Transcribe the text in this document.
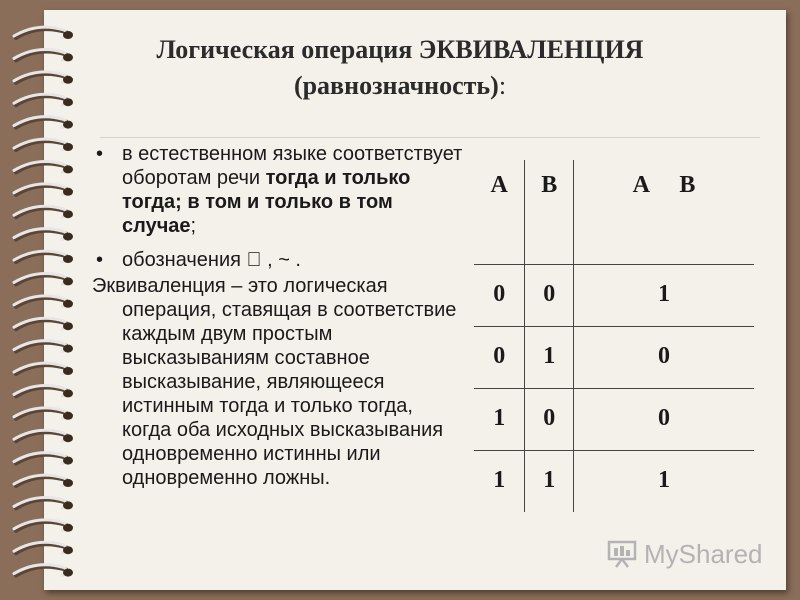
Логическая операция ЭКВИВАЛЕНЦИЯ
(равнозначность):
• в естественном языке соответствует оборотам речи тогда и только тогда; в том и только в том случае;
• обозначения   , ~ .
Эквиваленция – это логическая операция, ставящая в соответствие каждым двум простым высказываниям составное высказывание, являющееся истинным тогда и только тогда, когда оба исходных высказывания одновременно истинны или одновременно ложны.
A	B	A   B
0	0	1
0	1	0
1	0	0
1	1	1
MyShared
